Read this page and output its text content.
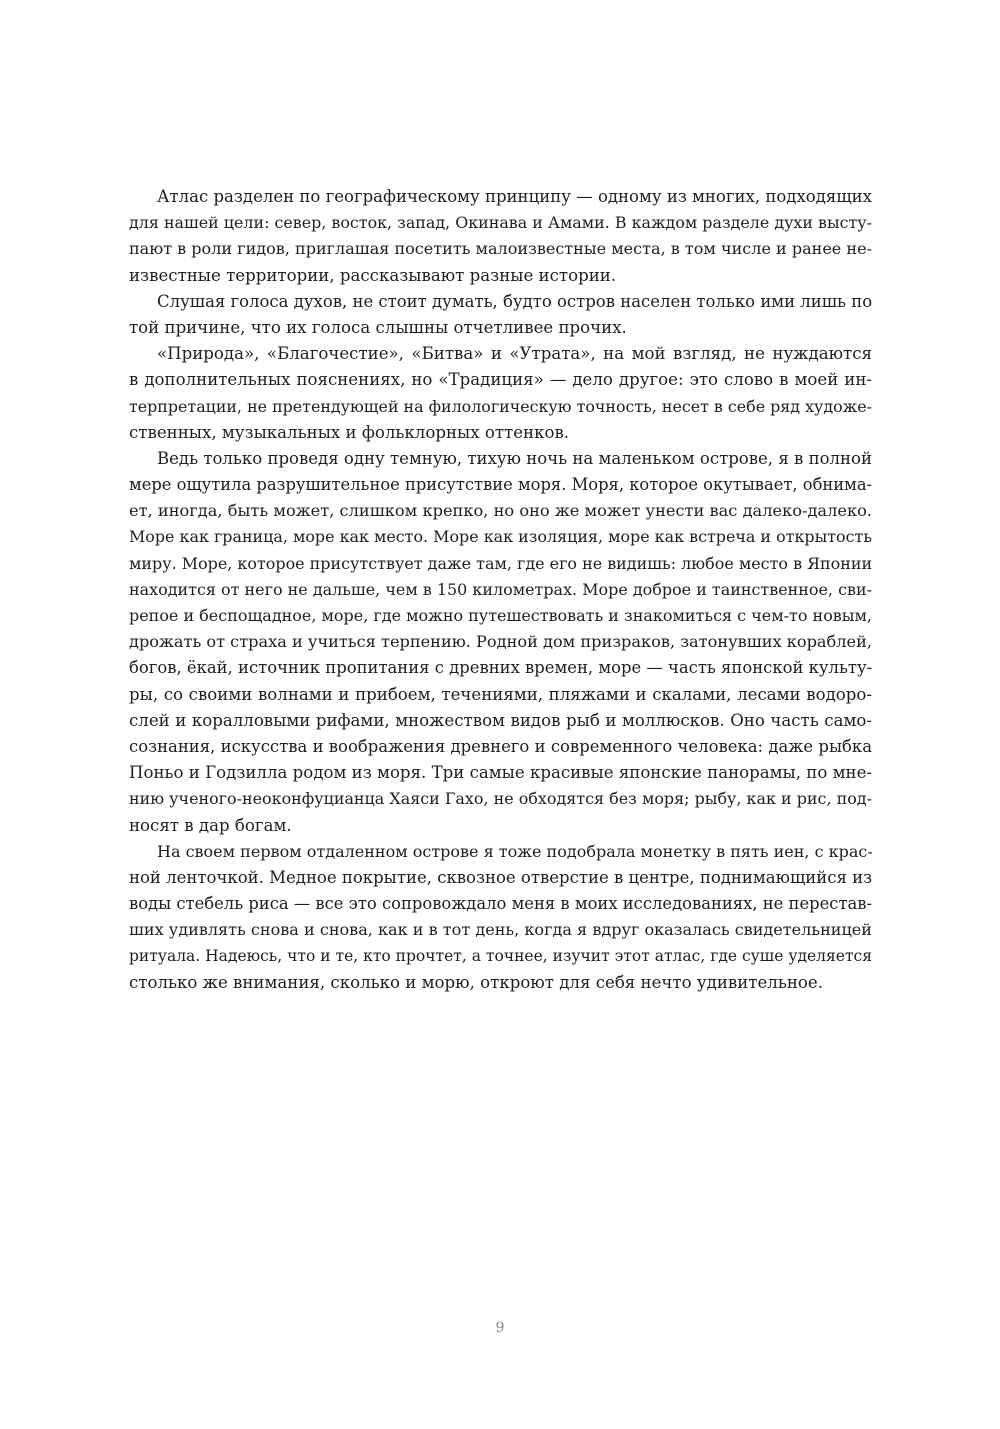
Атлас разделен по географическому принципу — одному из многих, подходящих
для нашей цели: север, восток, запад, Окинава и Амами. В каждом разделе духи высту-
пают в роли гидов, приглашая посетить малоизвестные места, в том числе и ранее не-
известные территории, рассказывают разные истории.
Слушая голоса духов, не стоит думать, будто остров населен только ими лишь по
той причине, что их голоса слышны отчетливее прочих.
«Природа», «Благочестие», «Битва» и «Утрата», на мой взгляд, не нуждаются
в дополнительных пояснениях, но «Традиция» — дело другое: это слово в моей ин-
терпретации, не претендующей на филологическую точность, несет в себе ряд художе-
ственных, музыкальных и фольклорных оттенков.
Ведь только проведя одну темную, тихую ночь на маленьком острове, я в полной
мере ощутила разрушительное присутствие моря. Моря, которое окутывает, обнима-
ет, иногда, быть может, слишком крепко, но оно же может унести вас далеко-далеко.
Море как граница, море как место. Море как изоляция, море как встреча и открытость
миру. Море, которое присутствует даже там, где его не видишь: любое место в Японии
находится от него не дальше, чем в 150 километрах. Море доброе и таинственное, сви-
репое и беспощадное, море, где можно путешествовать и знакомиться с чем-то новым,
дрожать от страха и учиться терпению. Родной дом призраков, затонувших кораблей,
богов, ёкай, источник пропитания с древних времен, море — часть японской культу-
ры, со своими волнами и прибоем, течениями, пляжами и скалами, лесами водоро-
слей и коралловыми рифами, множеством видов рыб и моллюсков. Оно часть само-
сознания, искусства и воображения древнего и современного человека: даже рыбка
Поньо и Годзилла родом из моря. Три самые красивые японские панорамы, по мне-
нию ученого-неоконфуцианца Хаяси Гахо, не обходятся без моря; рыбу, как и рис, под-
носят в дар богам.
На своем первом отдаленном острове я тоже подобрала монетку в пять иен, с крас-
ной ленточкой. Медное покрытие, сквозное отверстие в центре, поднимающийся из
воды стебель риса — все это сопровождало меня в моих исследованиях, не перестав-
ших удивлять снова и снова, как и в тот день, когда я вдруг оказалась свидетельницей
ритуала. Надеюсь, что и те, кто прочтет, а точнее, изучит этот атлас, где суше уделяется
столько же внимания, сколько и морю, откроют для себя нечто удивительное.
9
